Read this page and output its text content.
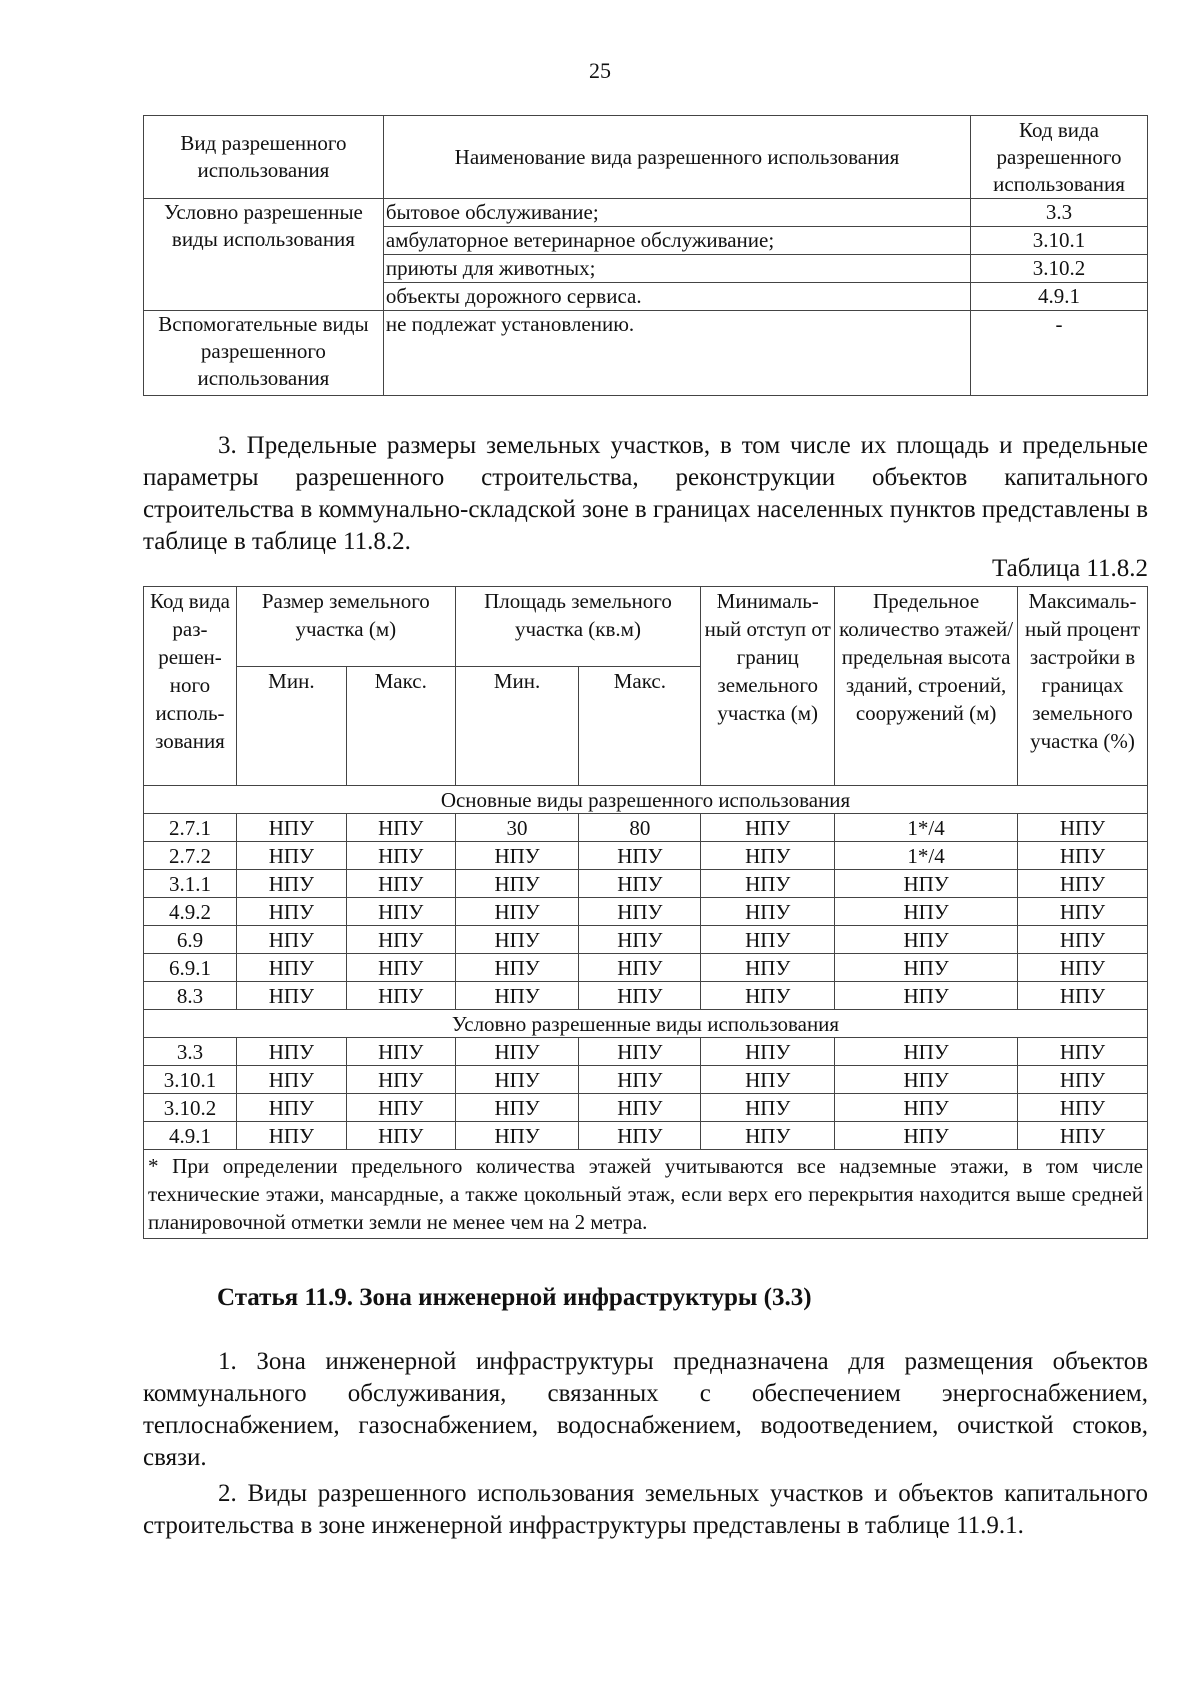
25
Вид разрешенного использования	Наименование вида разрешенного использования	Код вида разрешенного использования
Условно разрешенные виды использования	бытовое обслуживание;	3.3
	амбулаторное ветеринарное обслуживание;	3.10.1
	приюты для животных;	3.10.2
	объекты дорожного сервиса.	4.9.1
Вспомогательные виды разрешенного использования	не подлежат установлению.	-
3. Предельные размеры земельных участков, в том числе их площадь и предельные параметры разрешенного строительства, реконструкции объектов капитального строительства в коммунально-складской зоне в границах населенных пунктов представлены в таблице в таблице 11.8.2.
Таблица 11.8.2
Код вида раз- решен- ного исполь- зования	Размер земельного участка (м)		Площадь земельного участка (кв.м)		Минималь- ный отступ от границ земельного участка (м)	Предельное количество этажей/ предельная высота зданий, строений, сооружений (м)	Максималь- ный процент застройки в границах земельного участка (%)
	Мин.	Макс.	Мин.	Макс.			
Основные виды разрешенного использования							
2.7.1	НПУ	НПУ	30	80	НПУ	1*/4	НПУ
2.7.2	НПУ	НПУ	НПУ	НПУ	НПУ	1*/4	НПУ
3.1.1	НПУ	НПУ	НПУ	НПУ	НПУ	НПУ	НПУ
4.9.2	НПУ	НПУ	НПУ	НПУ	НПУ	НПУ	НПУ
6.9	НПУ	НПУ	НПУ	НПУ	НПУ	НПУ	НПУ
6.9.1	НПУ	НПУ	НПУ	НПУ	НПУ	НПУ	НПУ
8.3	НПУ	НПУ	НПУ	НПУ	НПУ	НПУ	НПУ
Условно разрешенные виды использования							
3.3	НПУ	НПУ	НПУ	НПУ	НПУ	НПУ	НПУ
3.10.1	НПУ	НПУ	НПУ	НПУ	НПУ	НПУ	НПУ
3.10.2	НПУ	НПУ	НПУ	НПУ	НПУ	НПУ	НПУ
4.9.1	НПУ	НПУ	НПУ	НПУ	НПУ	НПУ	НПУ
* При определении предельного количества этажей учитываются все надземные этажи, в том числе технические этажи, мансардные, а также цокольный этаж, если верх его перекрытия находится выше средней планировочной отметки земли не менее чем на 2 метра.							
Статья 11.9. Зона инженерной инфраструктуры (3.3)
1. Зона инженерной инфраструктуры предназначена для размещения объектов коммунального обслуживания, связанных с обеспечением энергоснабжением, теплоснабжением, газоснабжением, водоснабжением, водоотведением, очисткой стоков, связи.
2. Виды разрешенного использования земельных участков и объектов капитального строительства в зоне инженерной инфраструктуры представлены в таблице 11.9.1.
